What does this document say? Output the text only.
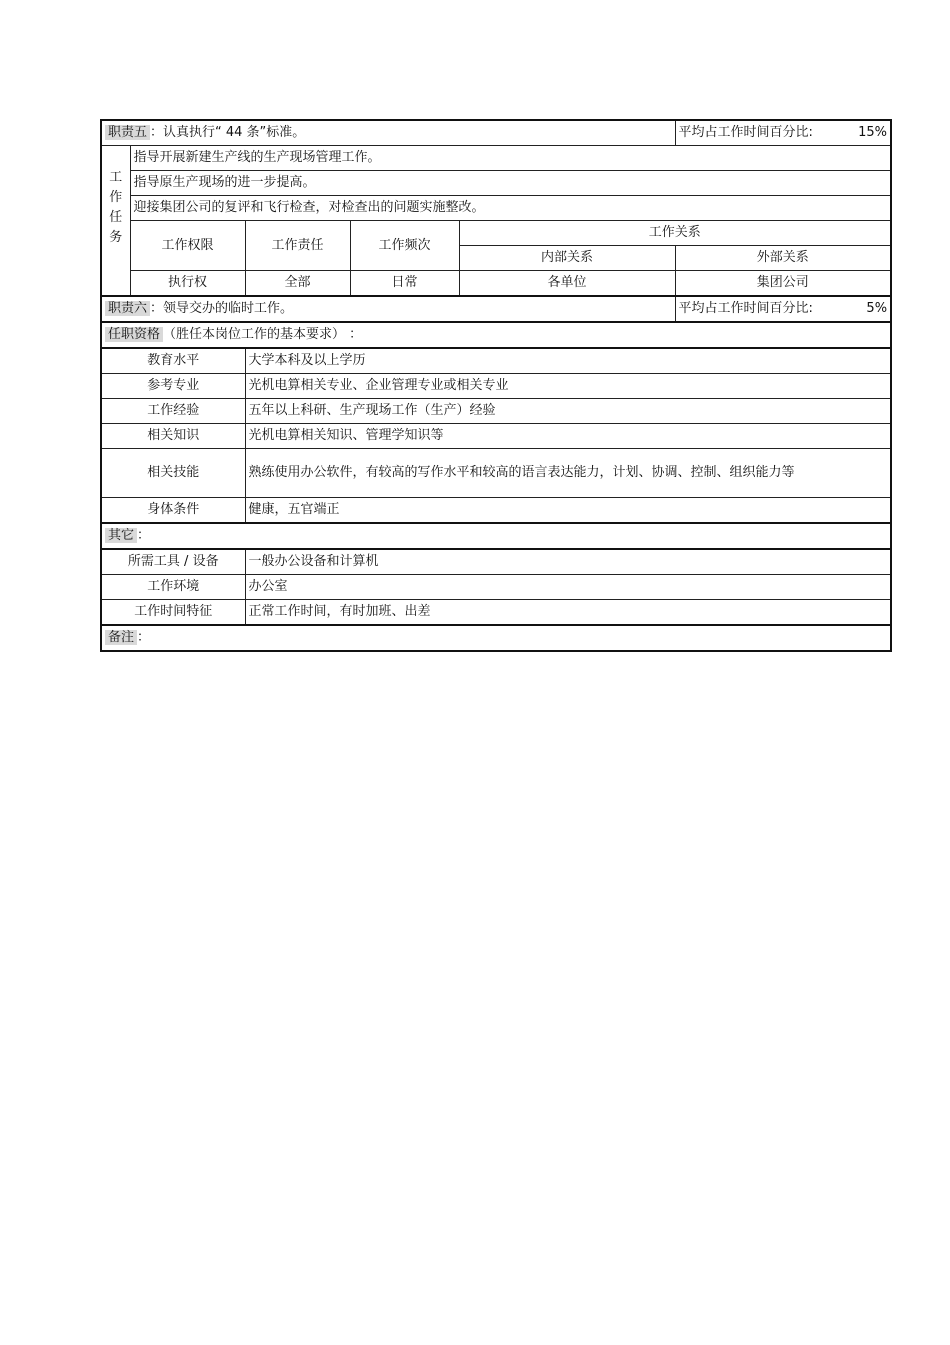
职责五 ：认真执行“ 44 条”标准。					平均占工作时间百分比: 15%

工
作
任
务	指导开展新建生产线的生产现场管理工作。				
	指导原生产现场的进一步提高。				
	迎接集团公司的复评和飞行检查，对检查出的问题实施整改。				
	工作权限	工作责任	工作频次	工作关系	
				内部关系	外部关系
	执行权	全部	日常	各单位	集团公司
职责六 ：领导交办的临时工作。					平均占工作时间百分比: 5%

任职资格 （胜任本岗位工作的基本要求） ：					
教育水平		大学本科及以上学历			
参考专业		光机电算相关专业、企业管理专业或相关专业			
工作经验		五年以上科研、生产现场工作（生产）经验			
相关知识		光机电算相关知识、管理学知识等			
相关技能		熟练使用办公软件，有较高的写作水平和较高的语言表达能力，计划、协调、控制、组织能力等			
身体条件		健康，五官端正			
其它 ：					
所需工具 / 设备		一般办公设备和计算机			
工作环境		办公室			
工作时间特征		正常工作时间，有时加班、出差			
备注 ：					
